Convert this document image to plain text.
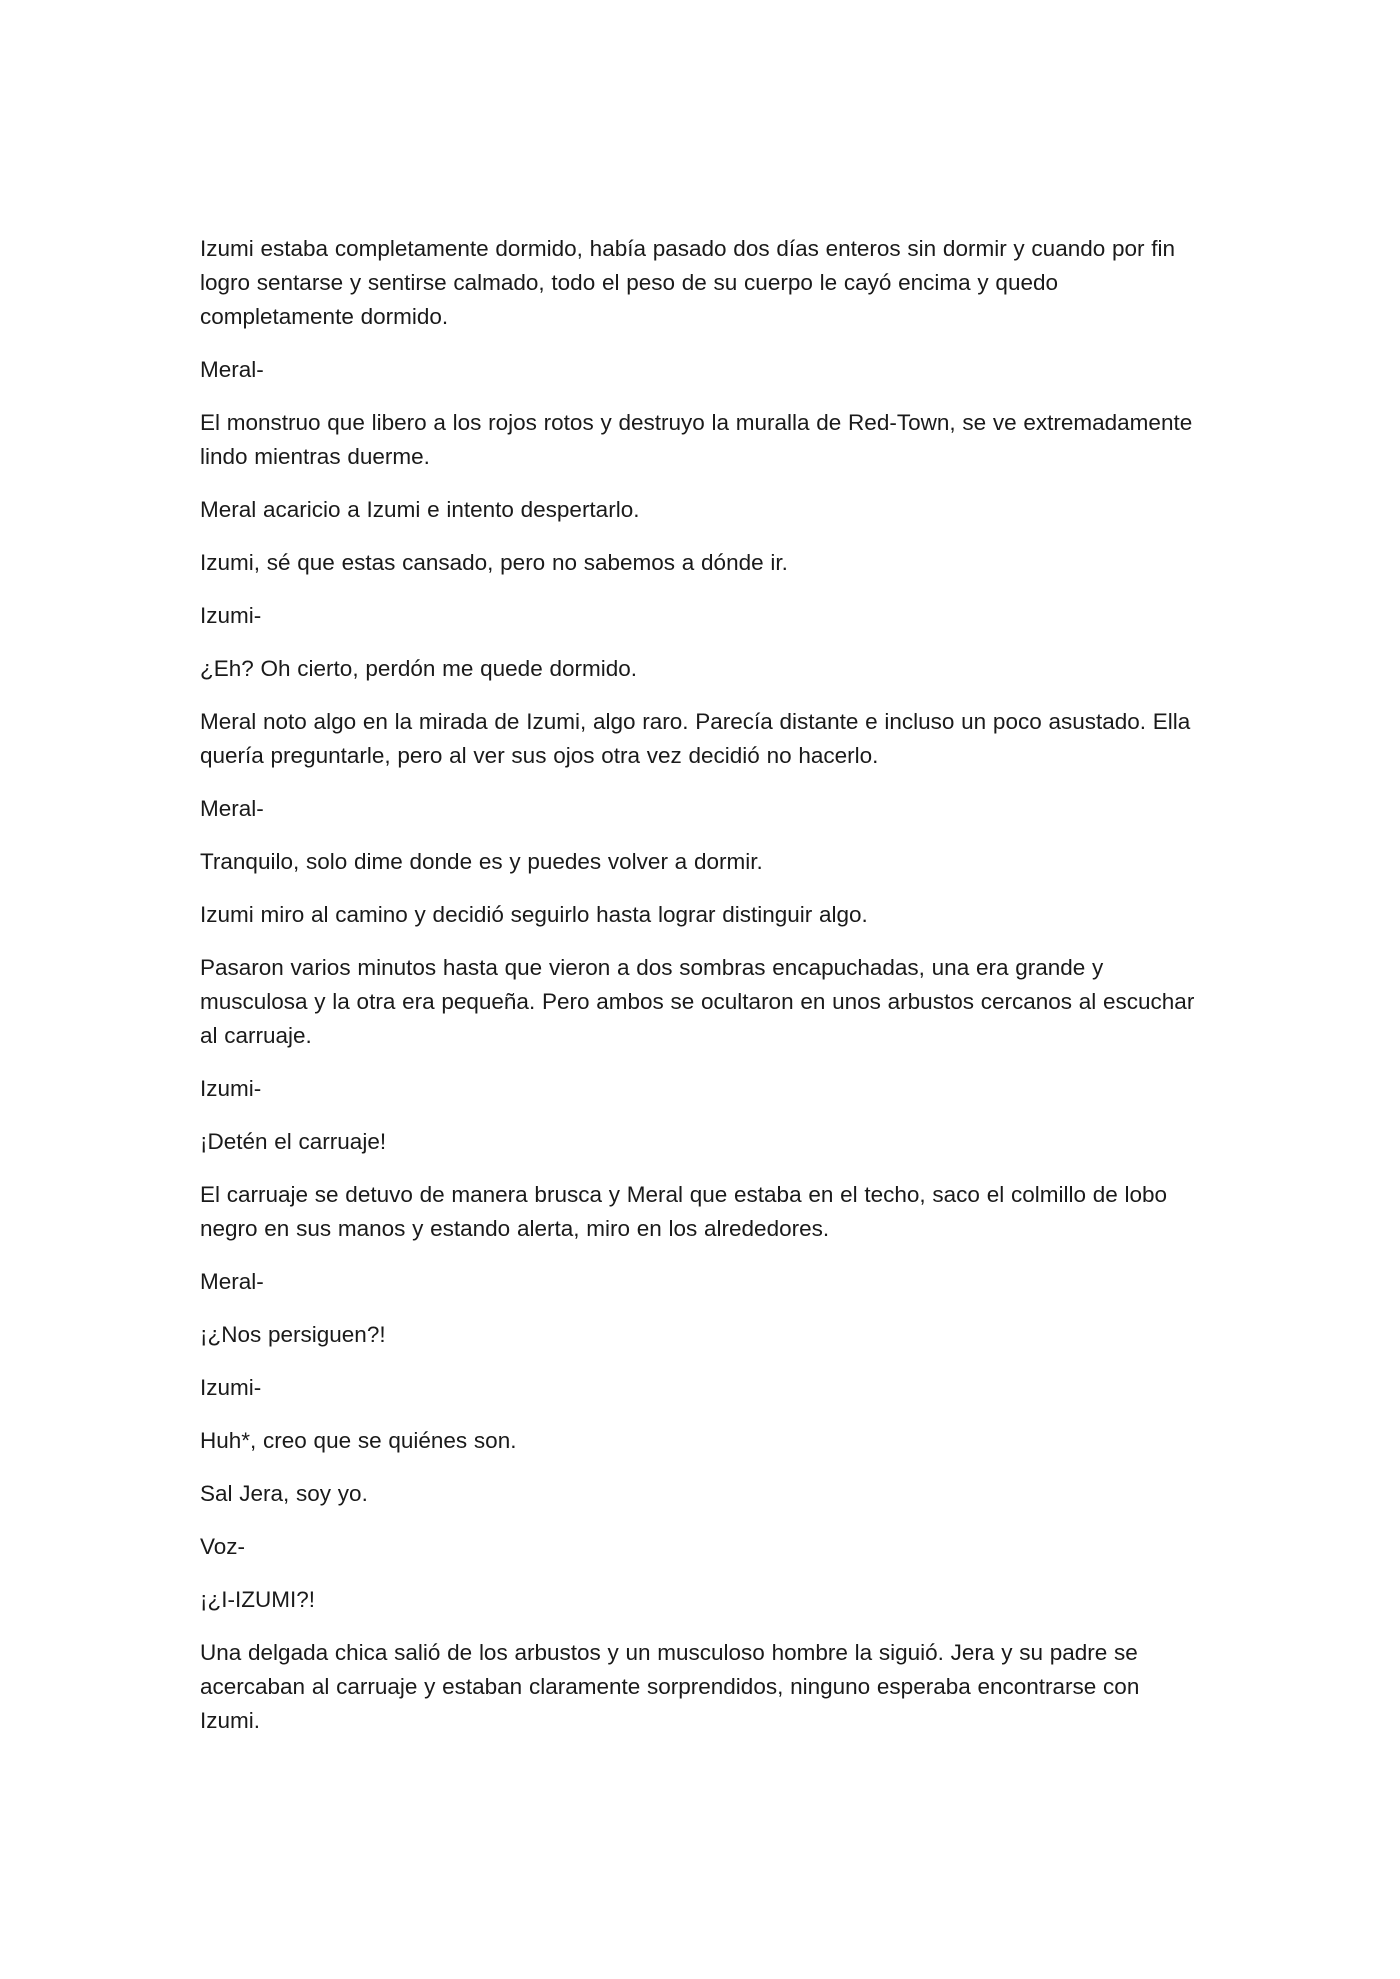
Izumi estaba completamente dormido, había pasado dos días enteros sin dormir y cuando por fin logro sentarse y sentirse calmado, todo el peso de su cuerpo le cayó encima y quedo completamente dormido.

Meral-

El monstruo que libero a los rojos rotos y destruyo la muralla de Red-Town, se ve extremadamente lindo mientras duerme.

Meral acaricio a Izumi e intento despertarlo.

Izumi, sé que estas cansado, pero no sabemos a dónde ir.

Izumi-

¿Eh? Oh cierto, perdón me quede dormido.

Meral noto algo en la mirada de Izumi, algo raro. Parecía distante e incluso un poco asustado. Ella quería preguntarle, pero al ver sus ojos otra vez decidió no hacerlo.

Meral-

Tranquilo, solo dime donde es y puedes volver a dormir.

Izumi miro al camino y decidió seguirlo hasta lograr distinguir algo.

Pasaron varios minutos hasta que vieron a dos sombras encapuchadas, una era grande y musculosa y la otra era pequeña. Pero ambos se ocultaron en unos arbustos cercanos al escuchar al carruaje.

Izumi-

¡Detén el carruaje!

El carruaje se detuvo de manera brusca y Meral que estaba en el techo, saco el colmillo de lobo negro en sus manos y estando alerta, miro en los alrededores.

Meral-

¡¿Nos persiguen?!

Izumi-

Huh*, creo que se quiénes son.

Sal Jera, soy yo.

Voz-

¡¿I-IZUMI?!

Una delgada chica salió de los arbustos y un musculoso hombre la siguió. Jera y su padre se acercaban al carruaje y estaban claramente sorprendidos, ninguno esperaba encontrarse con Izumi.
